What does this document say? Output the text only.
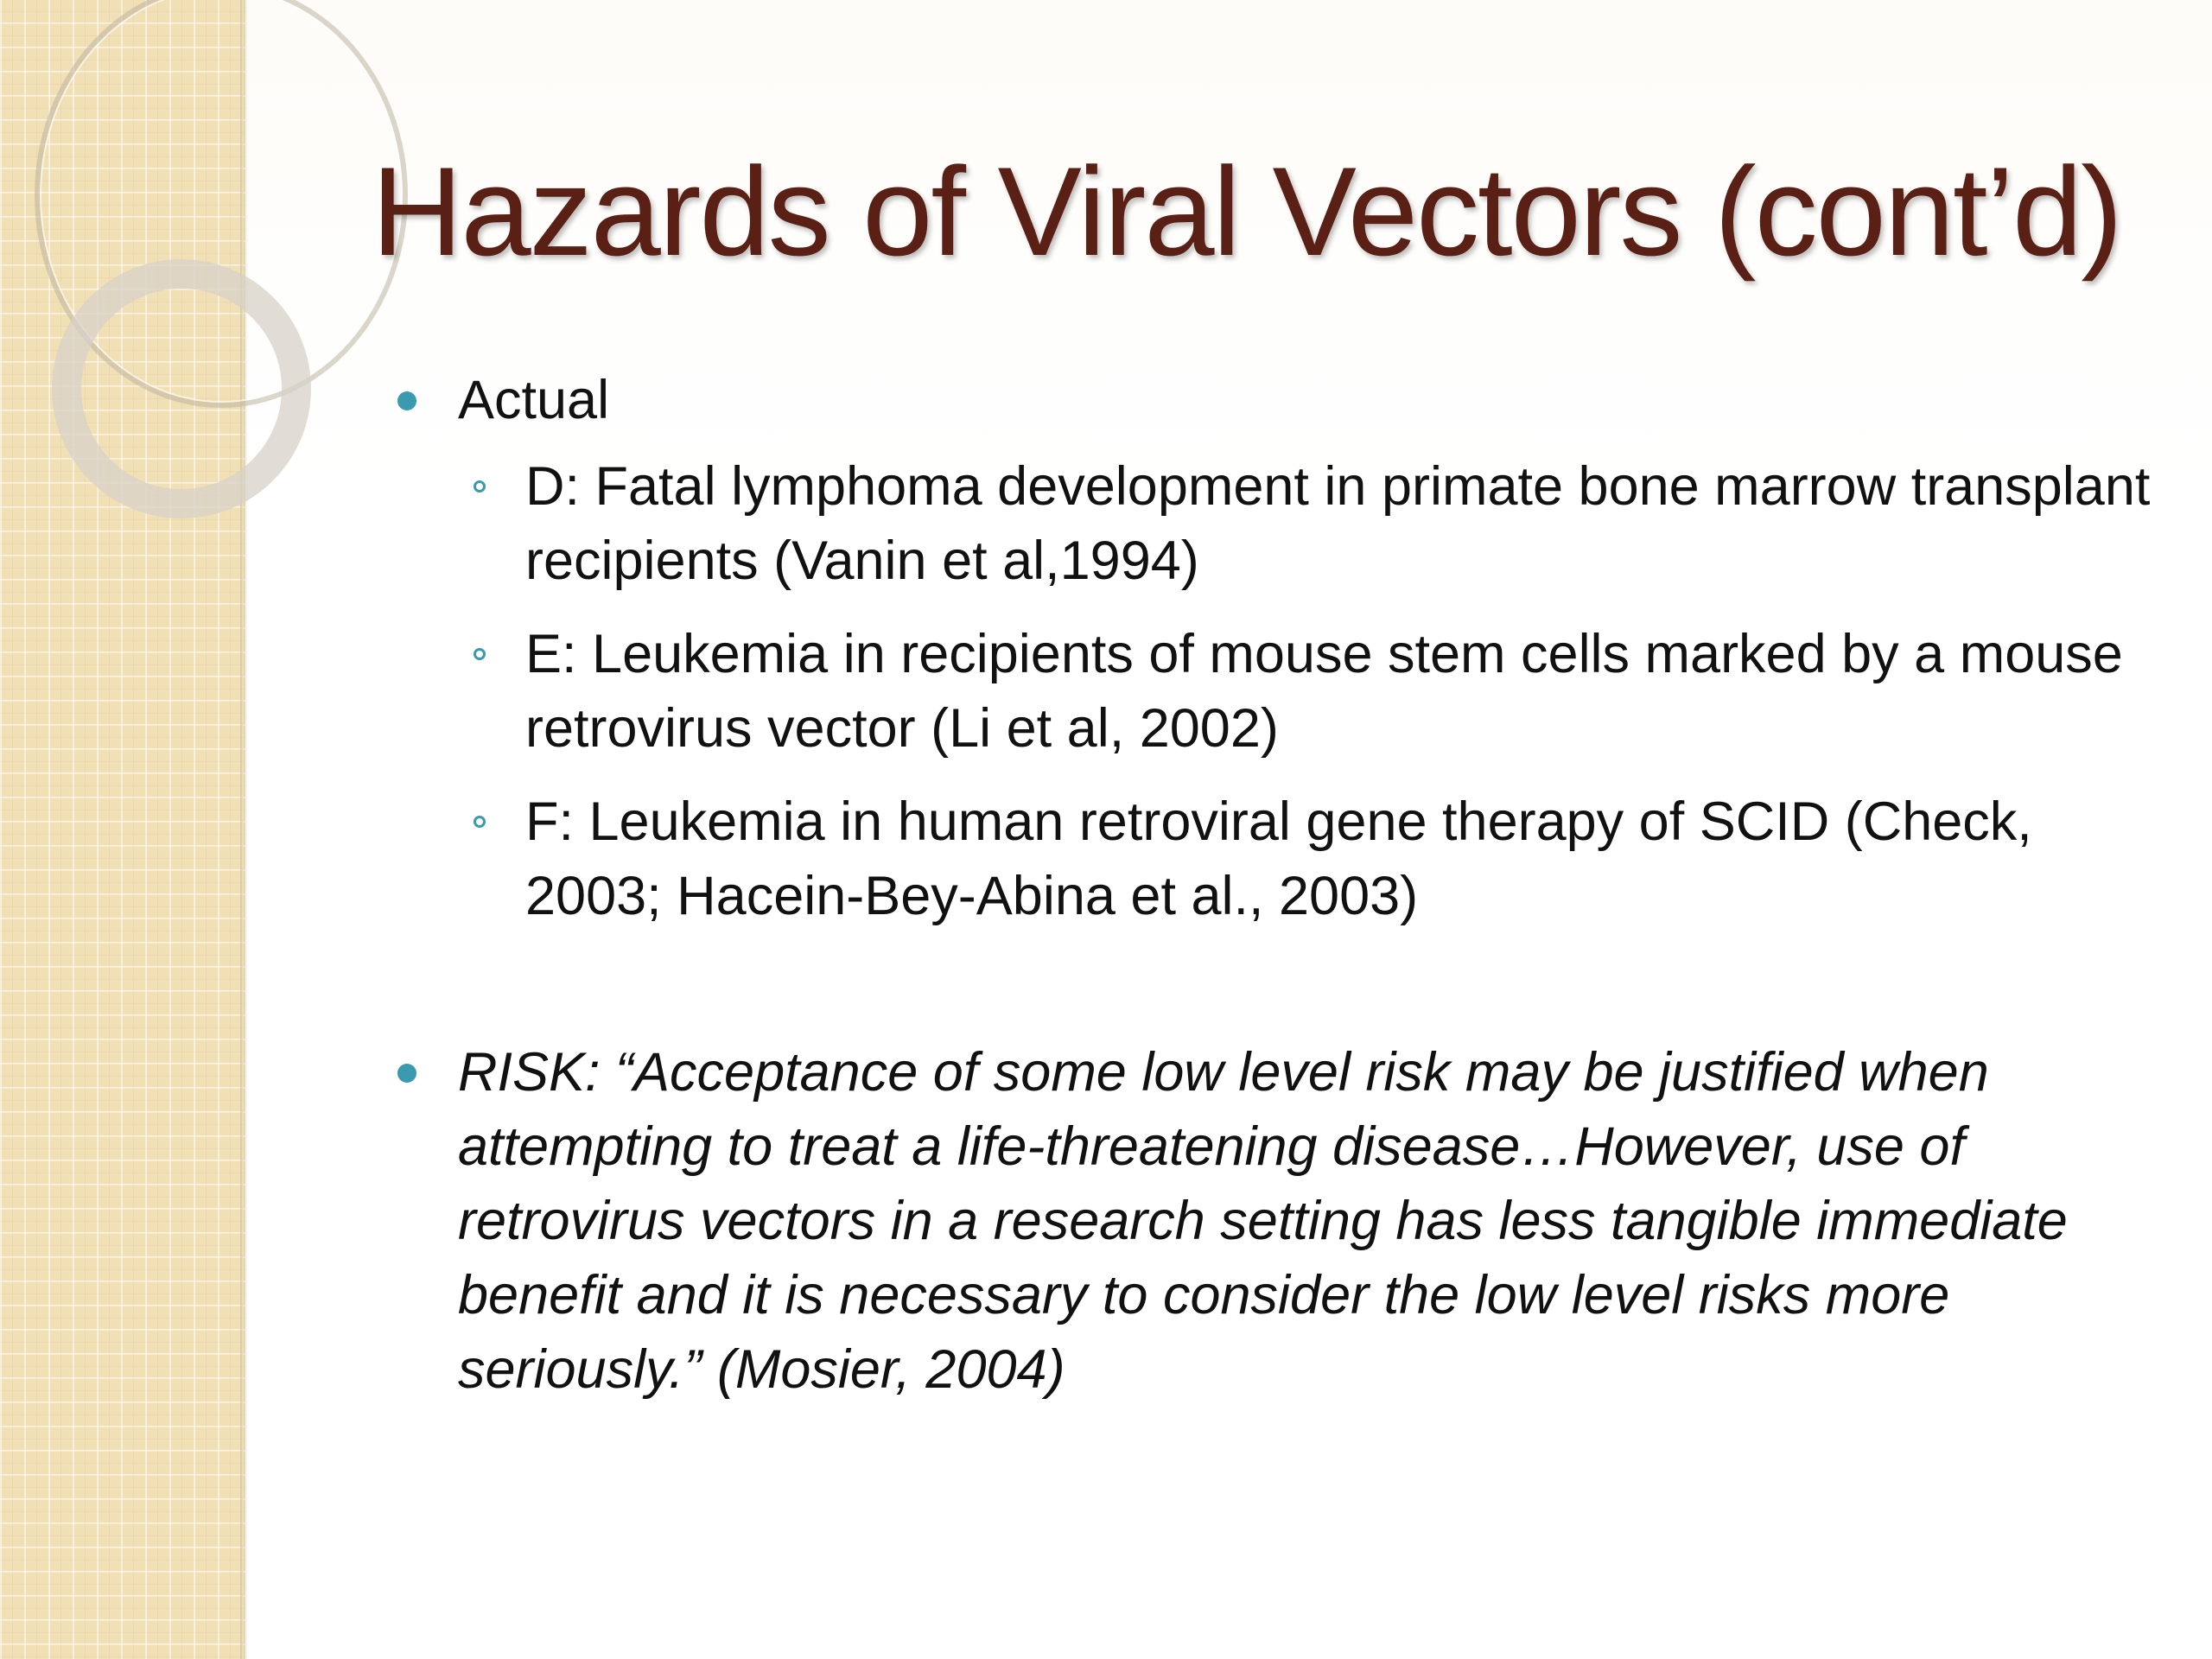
Hazards of Viral Vectors (cont’d)
Actual
D: Fatal lymphoma development in primate bone marrow transplant recipients (Vanin et al,1994)
E: Leukemia in recipients of mouse stem cells marked by a mouse retrovirus vector (Li et al, 2002)
F: Leukemia in human retroviral gene therapy of SCID (Check, 2003; Hacein-Bey-Abina et al., 2003)
RISK: “Acceptance of some low level risk may be justified when attempting to treat a life-threatening disease…However, use of retrovirus vectors in a research setting has less tangible immediate benefit and it is necessary to consider the low level risks more seriously.” (Mosier, 2004)
